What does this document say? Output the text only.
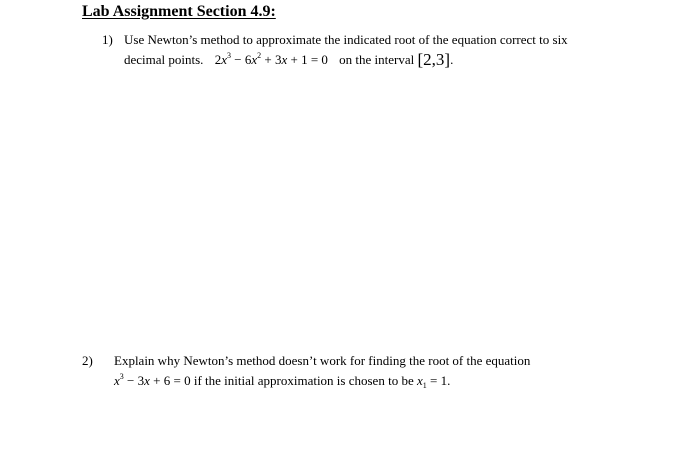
Lab Assignment Section 4.9:
1) Use Newton’s method to approximate the indicated root of the equation correct to six
decimal points. $2x^3 - 6x^2 + 3x + 1 = 0$ on the interval [2,3].
2) Explain why Newton’s method doesn’t work for finding the root of the equation
$x^3 - 3x + 6 = 0$ if the initial approximation is chosen to be $x_1 = 1$.
